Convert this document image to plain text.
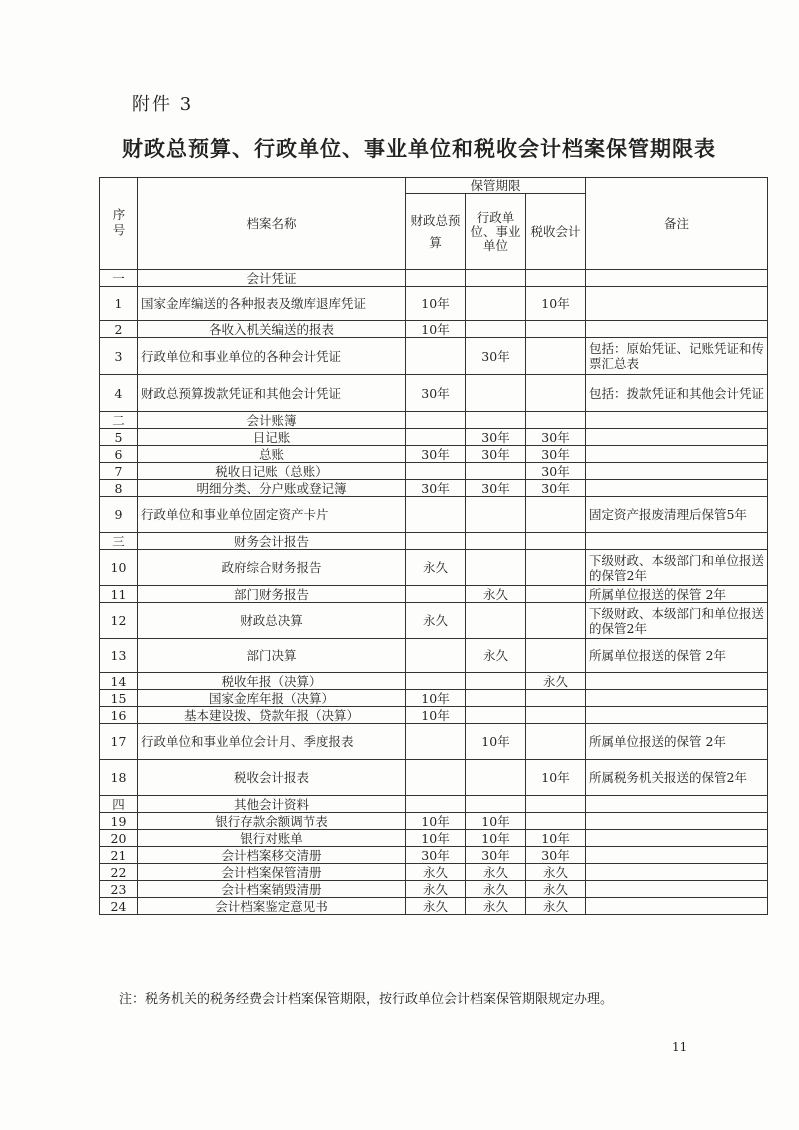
附件 3
财政总预算、行政单位、事业单位和税收会计档案保管期限表
序号	档案名称	保管期限			备注
		财政总预算	行政单位、事业单位	税收会计	
一	会计凭证				
1	国家金库编送的各种报表及缴库退库凭证	10年		10年	
2	各收入机关编送的报表	10年			
3	行政单位和事业单位的各种会计凭证		30年		包括：原始凭证、记账凭证和传票汇总表
4	财政总预算拨款凭证和其他会计凭证	30年			包括：拨款凭证和其他会计凭证
二	会计账簿				
5	日记账		30年	30年	
6	总账	30年	30年	30年	
7	税收日记账（总账）			30年	
8	明细分类、分户账或登记簿	30年	30年	30年	
9	行政单位和事业单位固定资产卡片				固定资产报废清理后保管5年
三	财务会计报告				
10	政府综合财务报告	永久			下级财政、本级部门和单位报送的保管2年
11	部门财务报告		永久		所属单位报送的保管 2年
12	财政总决算	永久			下级财政、本级部门和单位报送的保管2年
13	部门决算		永久		所属单位报送的保管 2年
14	税收年报（决算）			永久	
15	国家金库年报（决算）	10年			
16	基本建设拨、贷款年报（决算）	10年			
17	行政单位和事业单位会计月、季度报表		10年		所属单位报送的保管 2年
18	税收会计报表			10年	所属税务机关报送的保管2年
四	其他会计资料				
19	银行存款余额调节表	10年	10年		
20	银行对账单	10年	10年	10年	
21	会计档案移交清册	30年	30年	30年	
22	会计档案保管清册	永久	永久	永久	
23	会计档案销毁清册	永久	永久	永久	
24	会计档案鉴定意见书	永久	永久	永久	
注：税务机关的税务经费会计档案保管期限，按行政单位会计档案保管期限规定办理。
11
